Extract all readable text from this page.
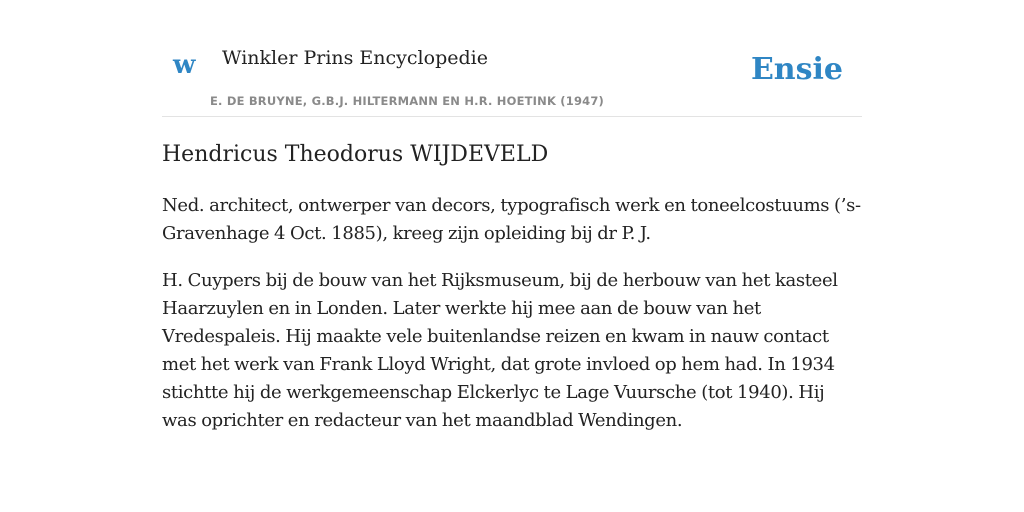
w Winkler Prins Encyclopedie
E. DE BRUYNE, G.B.J. HILTERMANN EN H.R. HOETINK (1947)
Ensie
Hendricus Theodorus WIJDEVELD

Ned. architect, ontwerper van decors, typografisch werk en toneelcostuums (’s-Gravenhage 4 Oct. 1885), kreeg zijn opleiding bij dr P. J.

H. Cuypers bij de bouw van het Rijksmuseum, bij de herbouw van het kasteel Haarzuylen en in Londen. Later werkte hij mee aan de bouw van het Vredespaleis. Hij maakte vele buitenlandse reizen en kwam in nauw contact met het werk van Frank Lloyd Wright, dat grote invloed op hem had. In 1934 stichtte hij de werkgemeenschap Elckerlyc te Lage Vuursche (tot 1940). Hij was oprichter en redacteur van het maandblad Wendingen.
